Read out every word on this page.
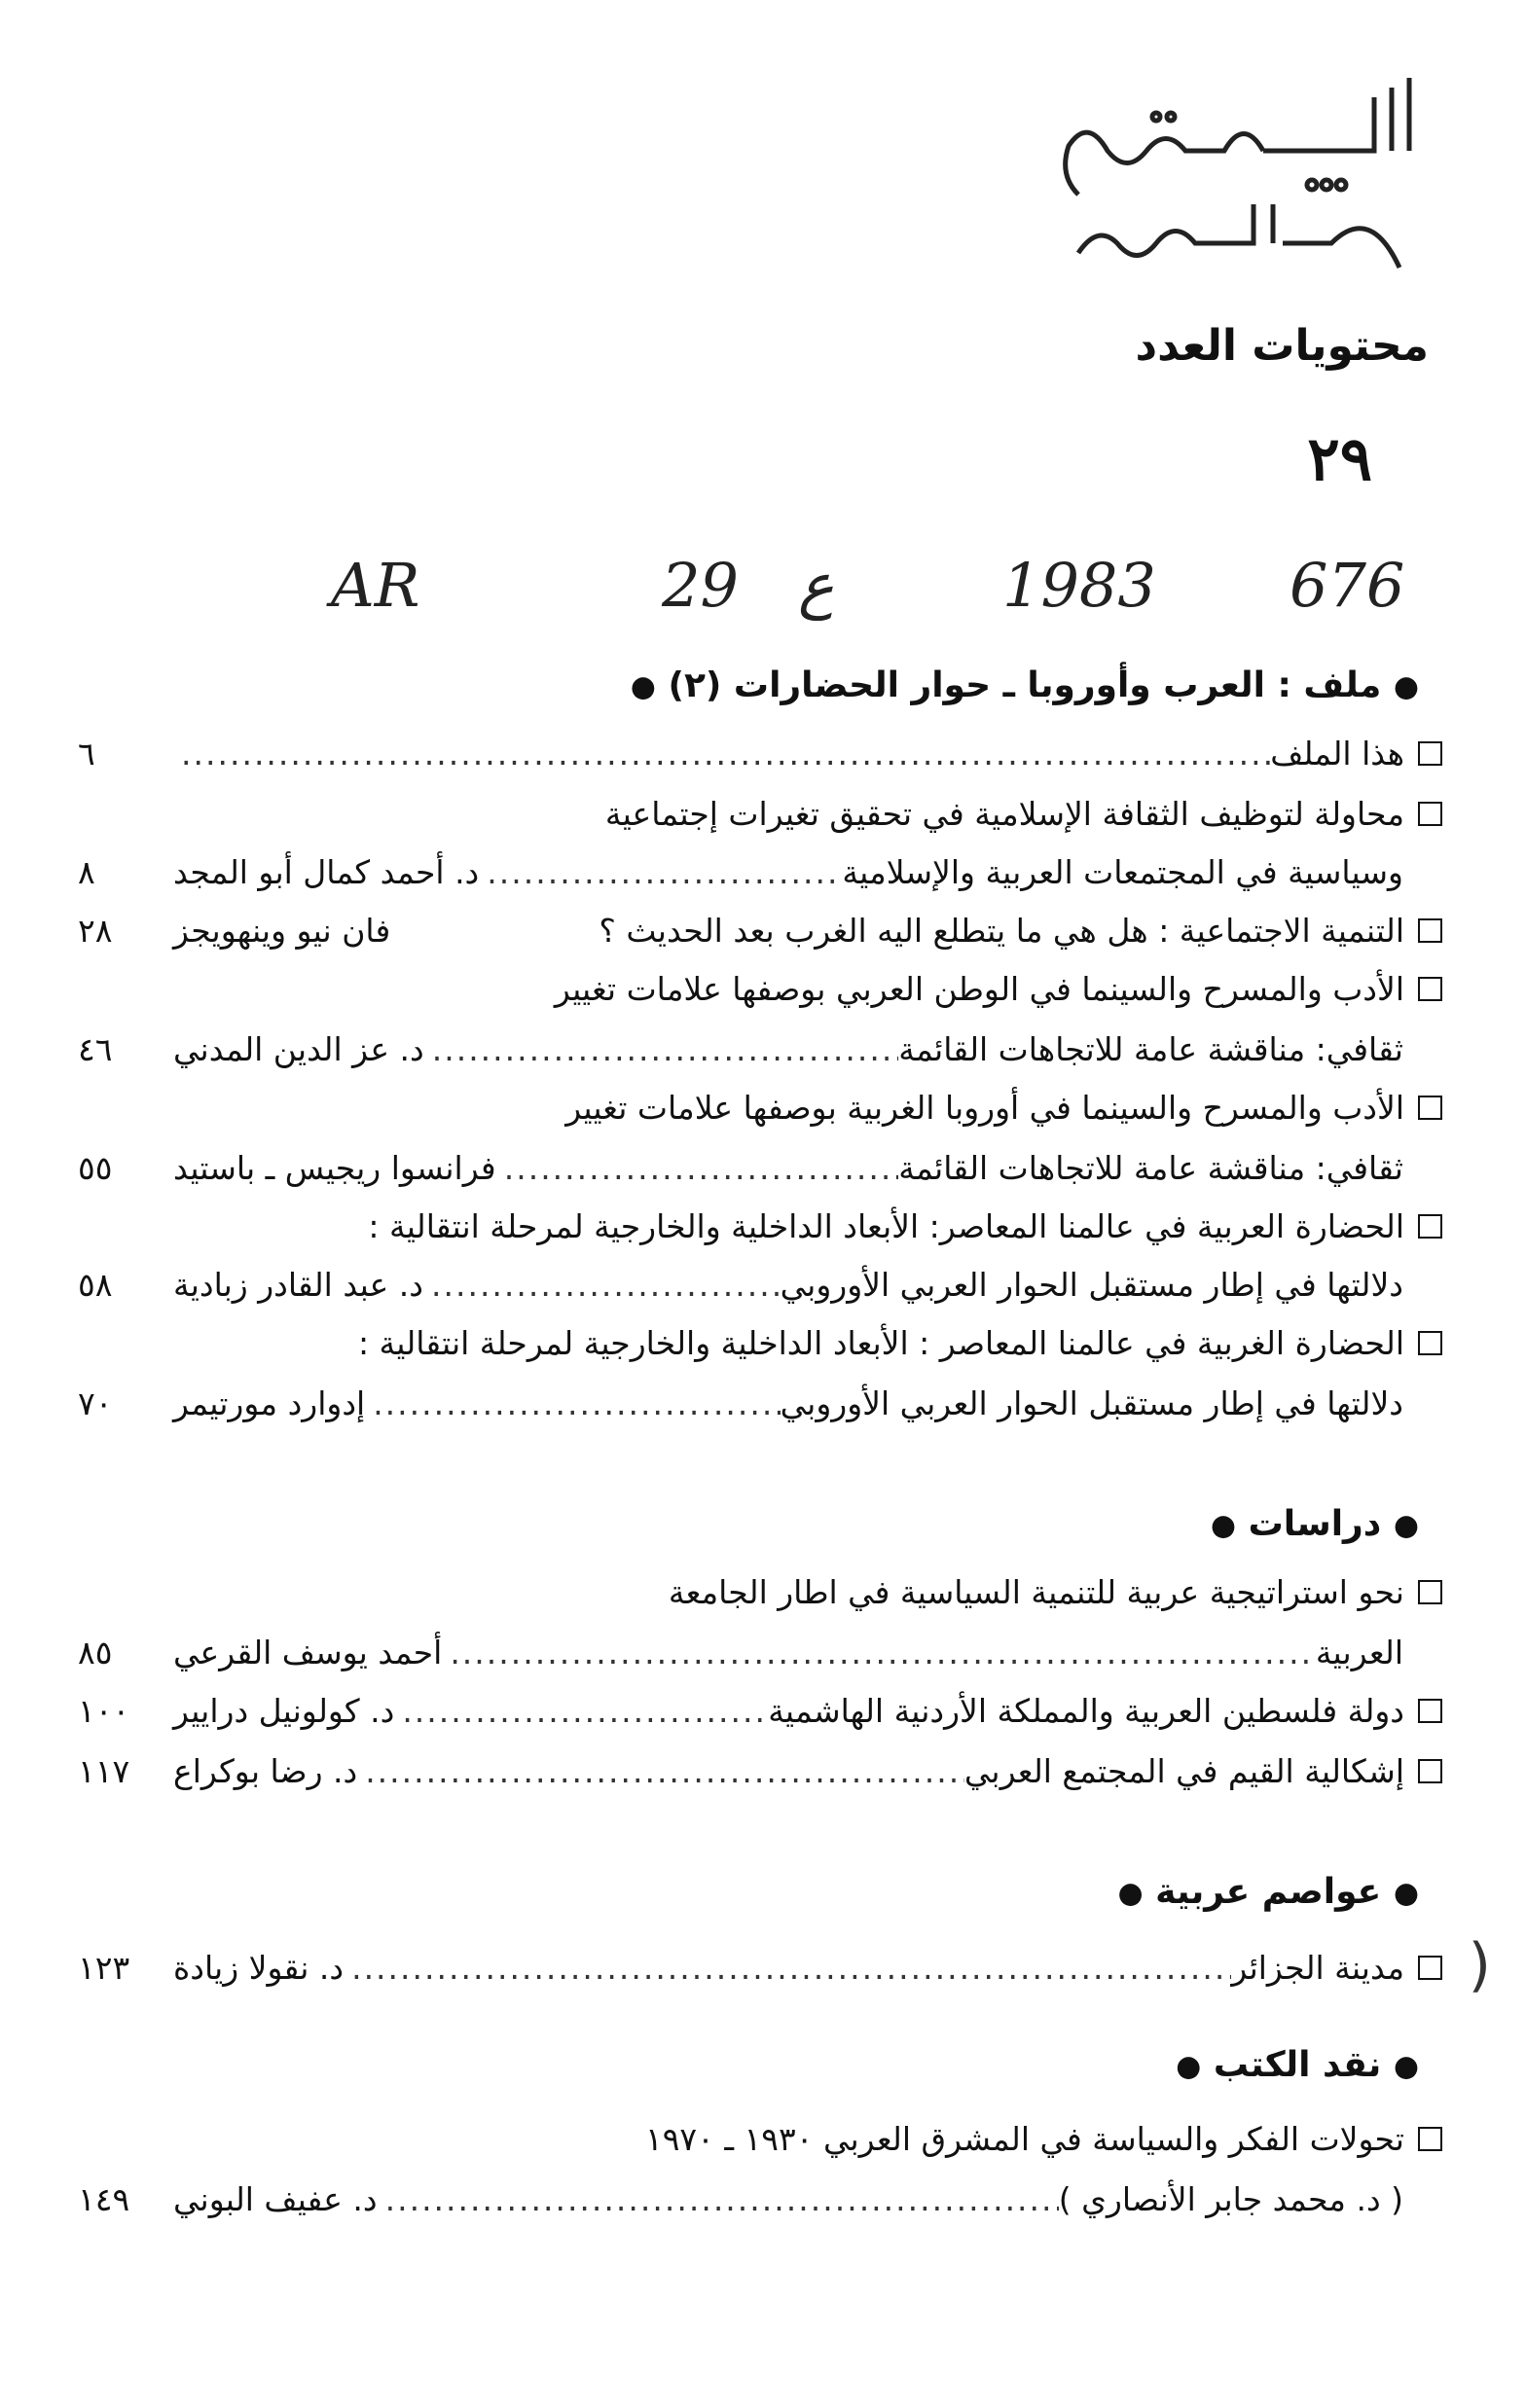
محتويات العدد
٢٩
676
1983
ع
29
AR
● ملف : العرب وأوروبا ـ حوار الحضارات (٢) ●
هذا الملف
.....
٦
محاولة لتوظيف الثقافة الإسلامية في تحقيق تغيرات إجتماعية
وسياسية في المجتمعات العربية والإسلامية
.....
د. أحمد كمال أبو المجد
٨
التنمية الاجتماعية : هل هي ما يتطلع اليه الغرب بعد الحديث ؟
فان نيو وينهويجز
٢٨
الأدب والمسرح والسينما في الوطن العربي بوصفها علامات تغيير
ثقافي: مناقشة عامة للاتجاهات القائمة
.....
د. عز الدين المدني
٤٦
الأدب والمسرح والسينما في أوروبا الغربية بوصفها علامات تغيير
ثقافي: مناقشة عامة للاتجاهات القائمة
.....
فرانسوا ريجيس ـ باستيد
٥٥
الحضارة العربية في عالمنا المعاصر: الأبعاد الداخلية والخارجية لمرحلة انتقالية :
دلالتها في إطار مستقبل الحوار العربي الأوروبي
.....
د. عبد القادر زبادية
٥٨
الحضارة الغربية في عالمنا المعاصر : الأبعاد الداخلية والخارجية لمرحلة انتقالية :
دلالتها في إطار مستقبل الحوار العربي الأوروبي
.....
إدوارد مورتيمر
٧٠
● دراسات ●
نحو استراتيجية عربية للتنمية السياسية في اطار الجامعة
العربية
.....
أحمد يوسف القرعي
٨٥
دولة فلسطين العربية والمملكة الأردنية الهاشمية
.....
د. كولونيل درايير
١٠٠
إشكالية القيم في المجتمع العربي
.....
د. رضا بوكراع
١١٧
● عواصم عربية ●
مدينة الجزائر
.....
د. نقولا زيادة
١٢٣	(
● نقد الكتب ●
تحولات الفكر والسياسة في المشرق العربي ١٩٣٠ ـ ١٩٧٠
( د. محمد جابر الأنصاري )
.....
د. عفيف البوني
١٤٩
